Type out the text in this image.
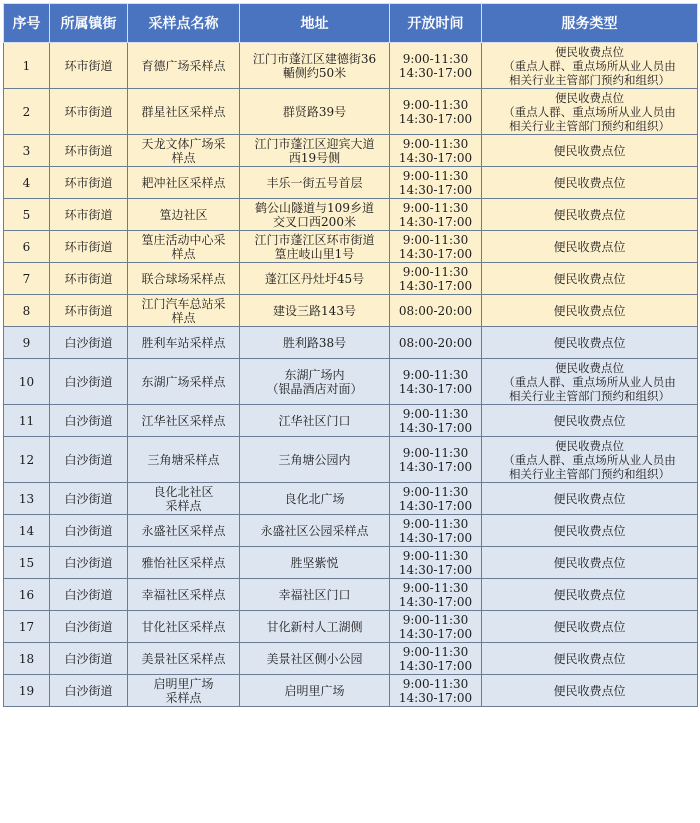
序号	所属镇街	采样点名称	地址	开放时间	服务类型
1	环市街道	育德广场采样点	江门市蓬江区建德街36
輴侧约50米	9:00-11:30
14:30-17:00	便民收费点位
（重点人群、重点场所从业人员由
相关行业主管部门预约和组织）
2	环市街道	群星社区采样点	群贤路39号	9:00-11:30
14:30-17:00	便民收费点位
（重点人群、重点场所从业人员由
相关行业主管部门预约和组织）
3	环市街道	天龙文体广场采
样点	江门市蓬江区迎宾大道
西19号侧	9:00-11:30
14:30-17:00	便民收费点位
4	环市街道	耙冲社区采样点	丰乐一街五号首层	9:00-11:30
14:30-17:00	便民收费点位
5	环市街道	篁边社区	鹤公山隧道与109乡道
交叉口西200米	9:00-11:30
14:30-17:00	便民收费点位
6	环市街道	篁庄活动中心采
样点	江门市蓬江区环市街道
篁庄岐山里1号	9:00-11:30
14:30-17:00	便民收费点位
7	环市街道	联合球场采样点	蓬江区丹灶圩45号	9:00-11:30
14:30-17:00	便民收费点位
8	环市街道	江门汽车总站采
样点	建设三路143号	08:00-20:00	便民收费点位
9	白沙街道	胜利车站采样点	胜利路38号	08:00-20:00	便民收费点位
10	白沙街道	东湖广场采样点	东湖广场内
（银晶酒店对面）	9:00-11:30
14:30-17:00	便民收费点位
（重点人群、重点场所从业人员由
相关行业主管部门预约和组织）
11	白沙街道	江华社区采样点	江华社区门口	9:00-11:30
14:30-17:00	便民收费点位
12	白沙街道	三角塘采样点	三角塘公园内	9:00-11:30
14:30-17:00	便民收费点位
（重点人群、重点场所从业人员由
相关行业主管部门预约和组织）
13	白沙街道	良化北社区
采样点	良化北广场	9:00-11:30
14:30-17:00	便民收费点位
14	白沙街道	永盛社区采样点	永盛社区公园采样点	9:00-11:30
14:30-17:00	便民收费点位
15	白沙街道	雅怡社区采样点	胜坚紫悦	9:00-11:30
14:30-17:00	便民收费点位
16	白沙街道	幸福社区采样点	幸福社区门口	9:00-11:30
14:30-17:00	便民收费点位
17	白沙街道	甘化社区采样点	甘化新村人工湖侧	9:00-11:30
14:30-17:00	便民收费点位
18	白沙街道	美景社区采样点	美景社区侧小公园	9:00-11:30
14:30-17:00	便民收费点位
19	白沙街道	启明里广场
采样点	启明里广场	9:00-11:30
14:30-17:00	便民收费点位
